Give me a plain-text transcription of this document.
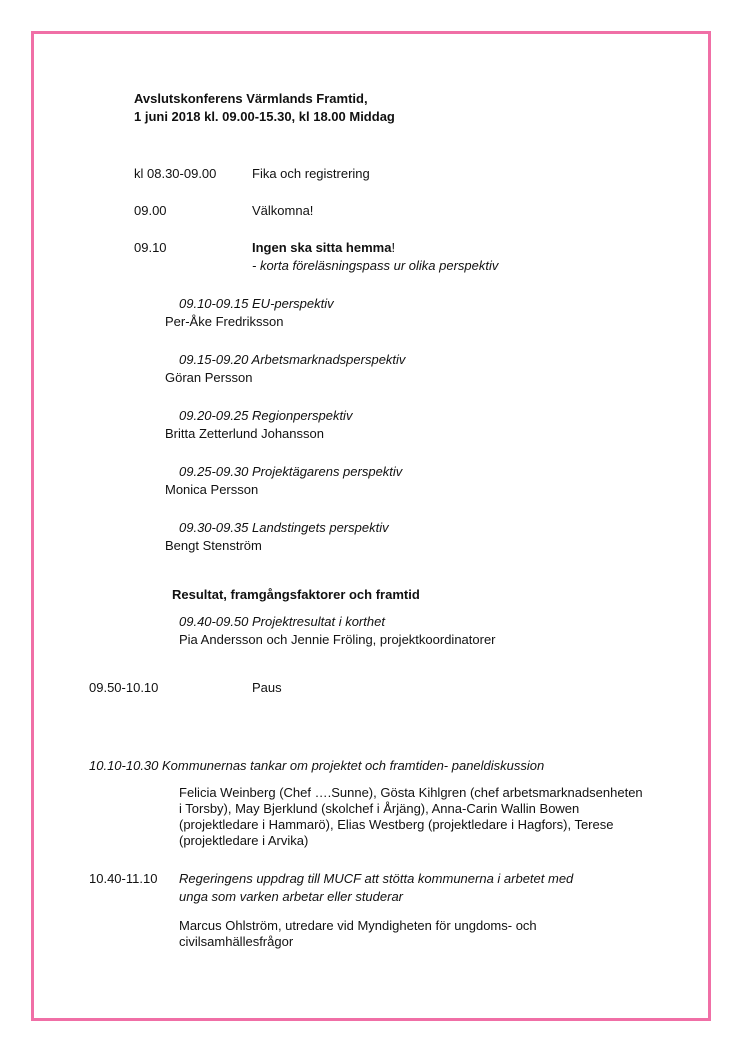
Avslutskonferens Värmlands Framtid,
1 juni 2018 kl. 09.00-15.30, kl 18.00 Middag
kl 08.30-09.00	Fika och registrering
09.00	Välkomna!
09.10	Ingen ska sitta hemma!
- korta föreläsningspass ur olika perspektiv
09.10-09.15 EU-perspektiv
Per-Åke Fredriksson
09.15-09.20 Arbetsmarknadsperspektiv
Göran Persson
09.20-09.25 Regionperspektiv
Britta Zetterlund Johansson
09.25-09.30 Projektägarens perspektiv
Monica Persson
09.30-09.35 Landstingets perspektiv
Bengt Stenström
Resultat, framgångsfaktorer och framtid
09.40-09.50 Projektresultat i korthet
Pia Andersson och Jennie Fröling, projektkoordinatorer
09.50-10.10	Paus
10.10-10.30 Kommunernas tankar om projektet och framtiden- paneldiskussion
Felicia Weinberg (Chef ….Sunne), Gösta Kihlgren (chef arbetsmarknadsenheten i Torsby), May Bjerklund (skolchef i Årjäng), Anna-Carin Wallin Bowen (projektledare i Hammarö), Elias Westberg (projektledare i Hagfors), Terese (projektledare i Arvika)
10.40-11.10 Regeringens uppdrag till MUCF att stötta kommunerna i arbetet med
unga som varken arbetar eller studerar
Marcus Ohlström, utredare vid Myndigheten för ungdoms- och civilsamhällesfrågor
